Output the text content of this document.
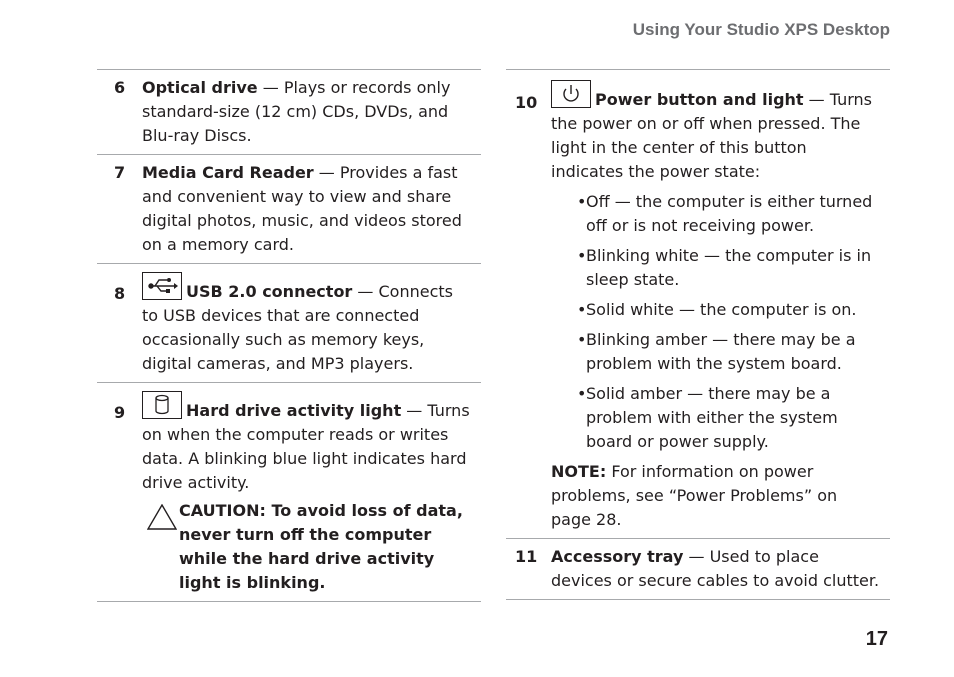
Using Your Studio XPS Desktop
6 Optical drive — Plays or records only standard-size (12 cm) CDs, DVDs, and Blu-ray Discs.
7 Media Card Reader — Provides a fast and convenient way to view and share digital photos, music, and videos stored on a memory card.
8	USB 2.0 connector — Connects to USB devices that are connected occasionally such as memory keys, digital cameras, and MP3 players.
9	Hard drive activity light — Turns on when the computer reads or writes data. A blinking blue light indicates hard drive activity.
CAUTION: To avoid loss of data, never turn off the computer while the hard drive activity light is blinking.
10	Power button and light — Turns the power on or off when pressed. The light in the center of this button indicates the power state:
• Off — the computer is either turned off or is not receiving power.
• Blinking white — the computer is in sleep state.
• Solid white — the computer is on.
• Blinking amber — there may be a problem with the system board.
• Solid amber — there may be a problem with either the system board or power supply.
NOTE: For information on power problems, see “Power Problems” on page 28.
11 Accessory tray — Used to place devices or secure cables to avoid clutter.
17
